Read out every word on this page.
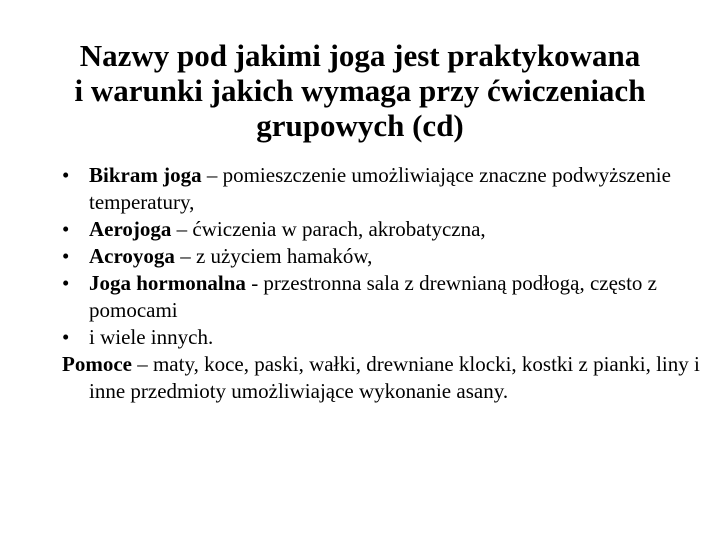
Nazwy pod jakimi joga jest praktykowana
i warunki jakich wymaga przy ćwiczeniach
grupowych (cd)
• Bikram joga – pomieszczenie umożliwiające znaczne podwyższenie temperatury,
• Aerojoga – ćwiczenia w parach, akrobatyczna,
• Acroyoga – z użyciem hamaków,
• Joga hormonalna - przestronna sala z drewnianą podłogą, często z pomocami
• i wiele innych.
Pomoce – maty, koce, paski, wałki, drewniane klocki, kostki z pianki, liny i inne przedmioty umożliwiające wykonanie asany.
